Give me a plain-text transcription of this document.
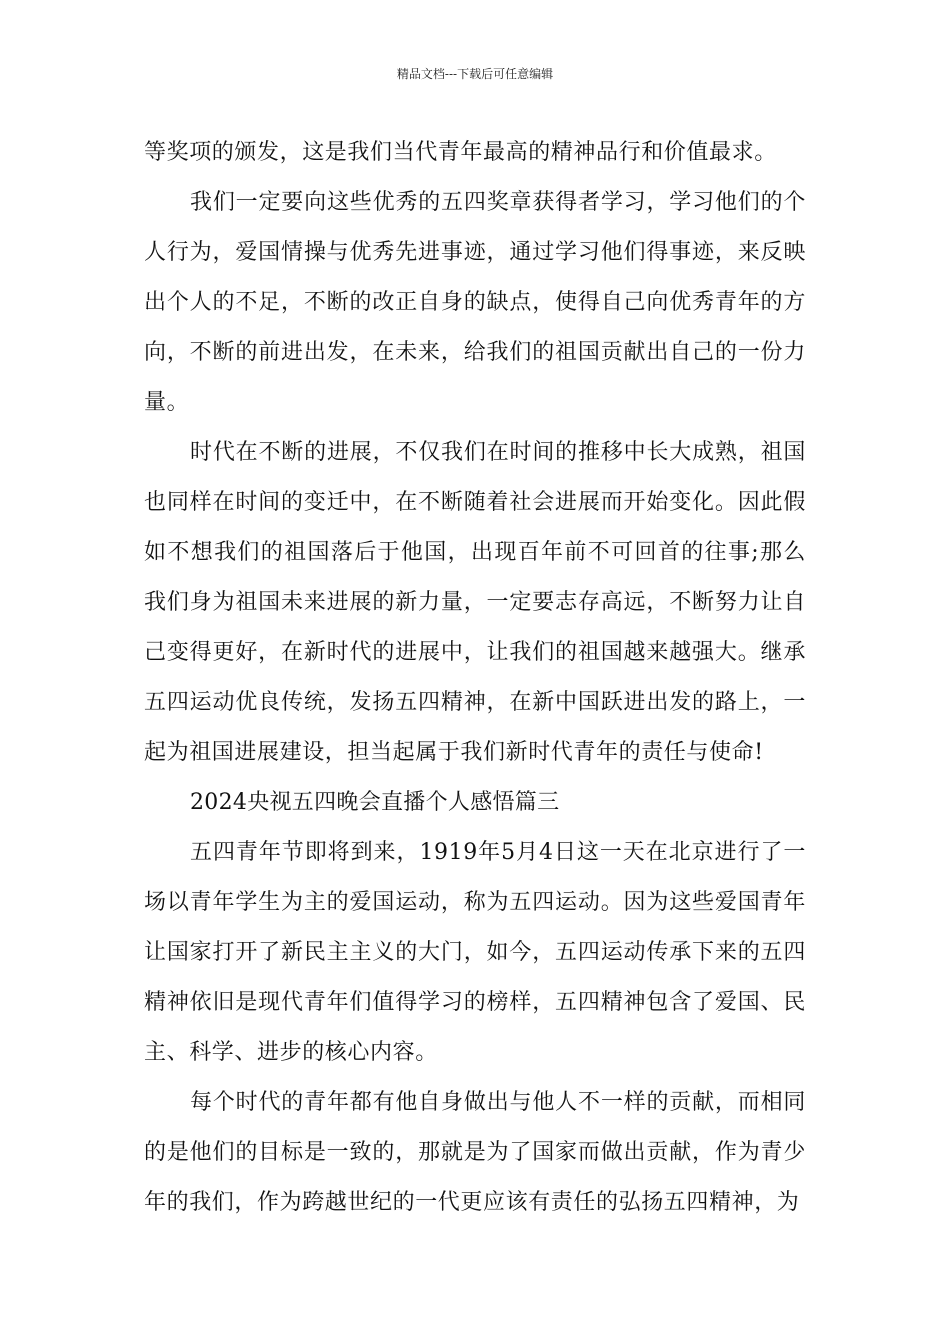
精品文档---下载后可任意编辑

等奖项的颁发，这是我们当代青年最高的精神品行和价值最求。

我们一定要向这些优秀的五四奖章获得者学习，学习他们的个人行为，爱国情操与优秀先进事迹，通过学习他们得事迹，来反映出个人的不足，不断的改正自身的缺点，使得自己向优秀青年的方向，不断的前进出发，在未来，给我们的祖国贡献出自己的一份力量。

时代在不断的进展，不仅我们在时间的推移中长大成熟，祖国也同样在时间的变迁中，在不断随着社会进展而开始变化。因此假如不想我们的祖国落后于他国，出现百年前不可回首的往事;那么我们身为祖国未来进展的新力量，一定要志存高远，不断努力让自己变得更好，在新时代的进展中，让我们的祖国越来越强大。继承五四运动优良传统，发扬五四精神，在新中国跃进出发的路上，一起为祖国进展建设，担当起属于我们新时代青年的责任与使命!

2024央视五四晚会直播个人感悟篇三

五四青年节即将到来，1919年5月4日这一天在北京进行了一场以青年学生为主的爱国运动，称为五四运动。因为这些爱国青年让国家打开了新民主主义的大门，如今，五四运动传承下来的五四精神依旧是现代青年们值得学习的榜样，五四精神包含了爱国、民主、科学、进步的核心内容。

每个时代的青年都有他自身做出与他人不一样的贡献，而相同的是他们的目标是一致的，那就是为了国家而做出贡献，作为青少年的我们，作为跨越世纪的一代更应该有责任的弘扬五四精神，为
